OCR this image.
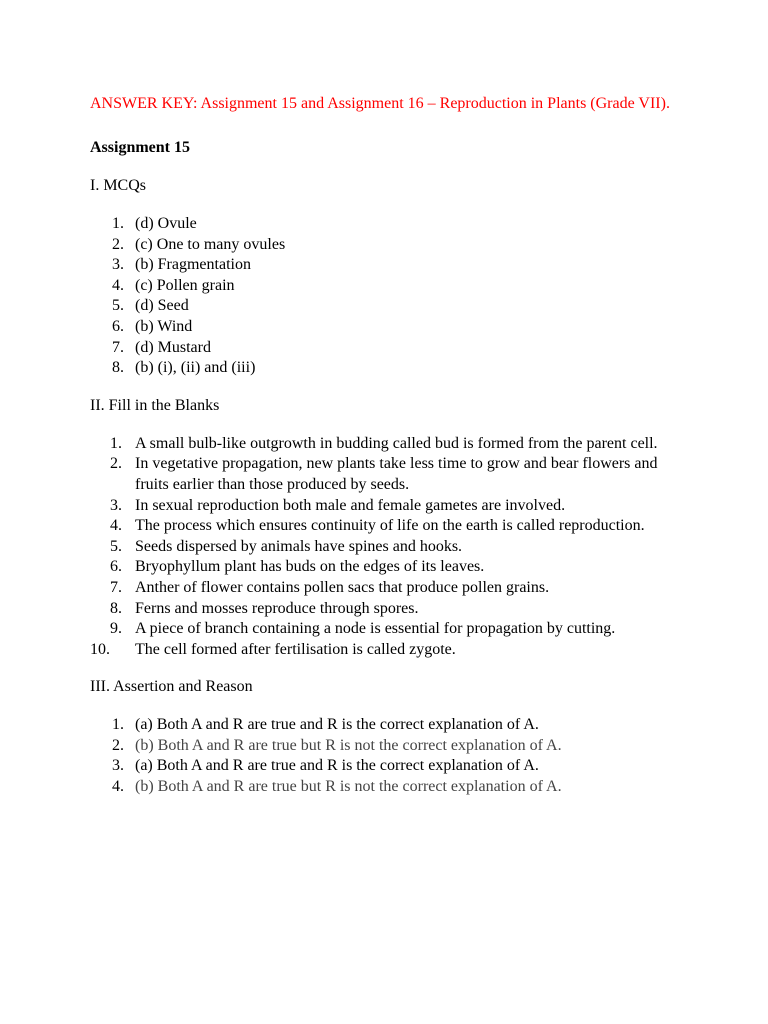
ANSWER KEY: Assignment 15 and Assignment 16 – Reproduction in Plants (Grade VII).

Assignment 15

I. MCQs

1. (d) Ovule
2. (c) One to many ovules
3. (b) Fragmentation
4. (c) Pollen grain
5. (d) Seed
6. (b) Wind
7. (d) Mustard
8. (b) (i), (ii) and (iii)

II. Fill in the Blanks

1. A small bulb-like outgrowth in budding called bud is formed from the parent cell.
2. In vegetative propagation, new plants take less time to grow and bear flowers and fruits earlier than those produced by seeds.
3. In sexual reproduction both male and female gametes are involved.
4. The process which ensures continuity of life on the earth is called reproduction.
5. Seeds dispersed by animals have spines and hooks.
6. Bryophyllum plant has buds on the edges of its leaves.
7. Anther of flower contains pollen sacs that produce pollen grains.
8. Ferns and mosses reproduce through spores.
9. A piece of branch containing a node is essential for propagation by cutting.
10. The cell formed after fertilisation is called zygote.

III. Assertion and Reason

1. (a) Both A and R are true and R is the correct explanation of A.
2. (b) Both A and R are true but R is not the correct explanation of A.
3. (a) Both A and R are true and R is the correct explanation of A.
4. (b) Both A and R are true but R is not the correct explanation of A.
